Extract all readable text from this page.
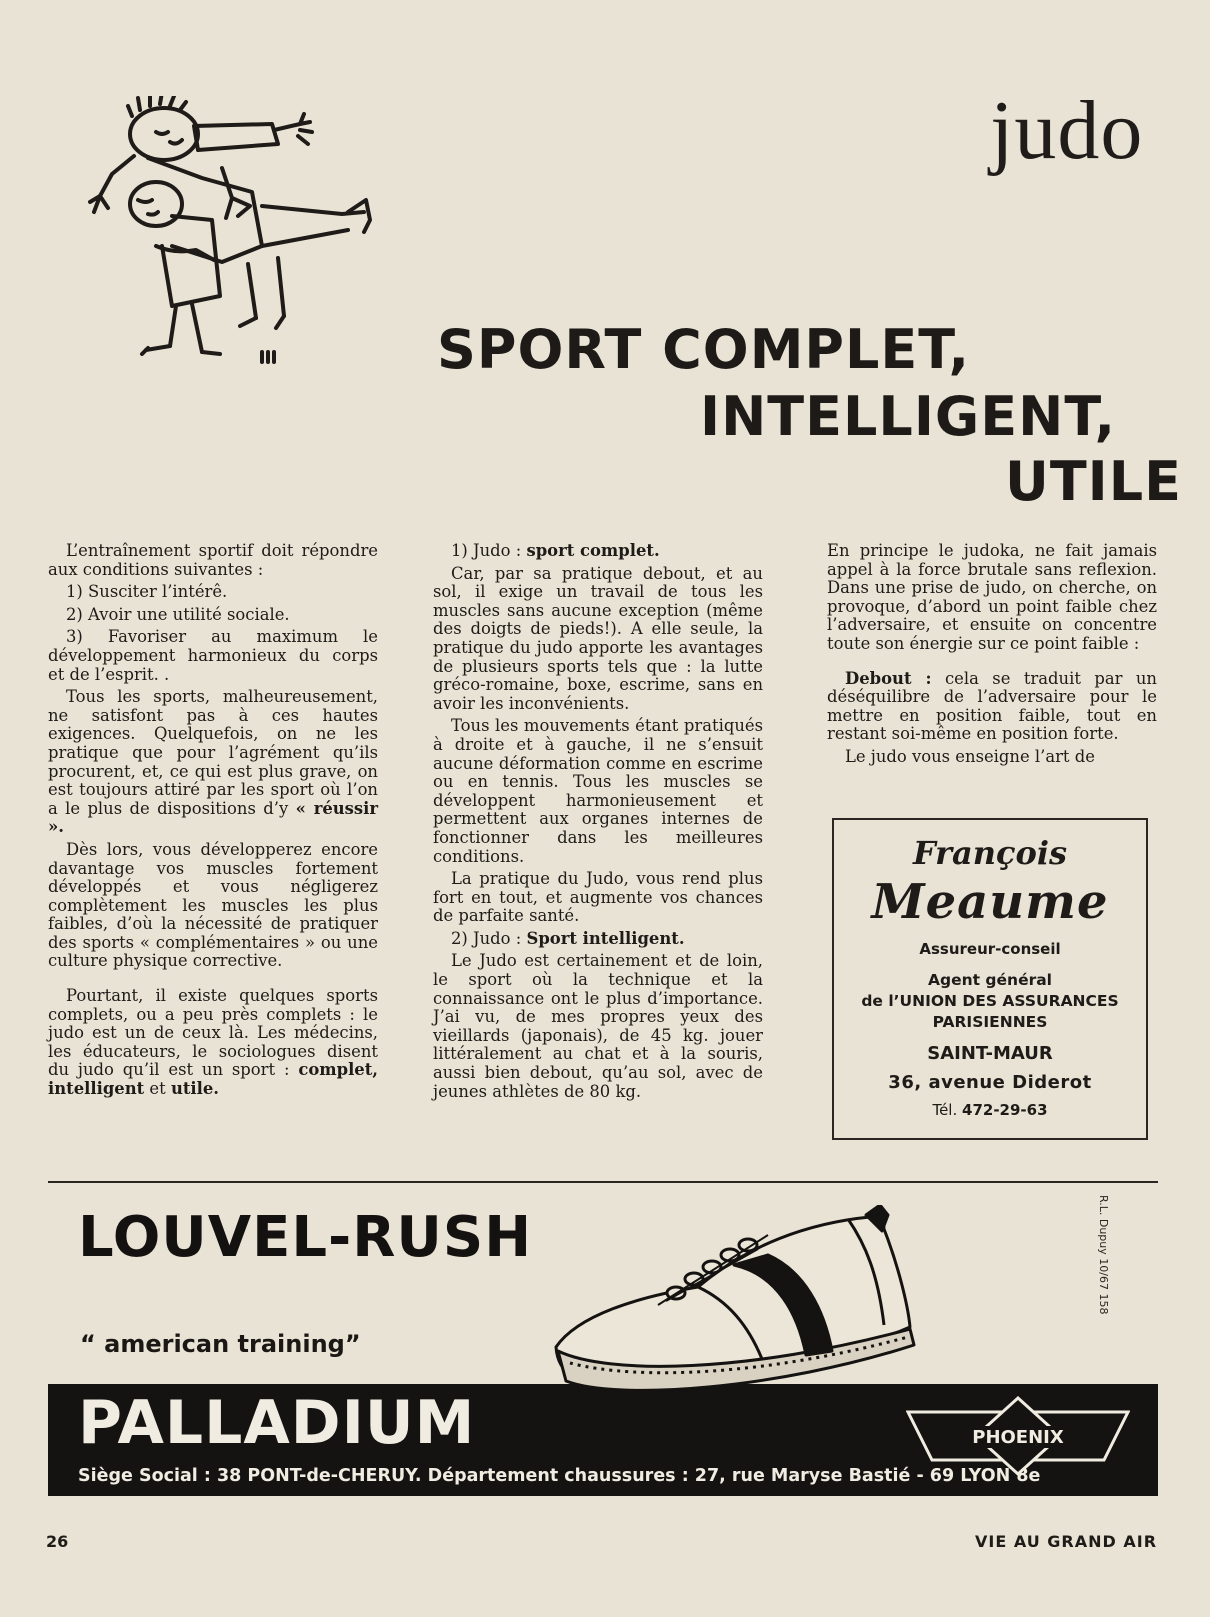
judo
SPORT COMPLET,
INTELLIGENT,
UTILE

L’entraînement sportif doit répondre aux conditions suivantes :

1) Susciter l’intérê.

2) Avoir une utilité sociale.

3) Favoriser au maximum le développement harmonieux du corps et de l’esprit. .

Tous les sports, malheureusement, ne satisfont pas à ces hautes exigences. Quelquefois, on ne les pratique que pour l’agrément qu’ils procurent, et, ce qui est plus grave, on est toujours attiré par les sport où l’on a le plus de dispositions d’y « réussir ».

Dès lors, vous développerez encore davantage vos muscles fortement développés et vous négligerez complètement les muscles les plus faibles, d’où la nécessité de pratiquer des sports « complémentaires » ou une culture physique corrective.

Pourtant, il existe quelques sports complets, ou a peu près complets : le judo est un de ceux là. Les médecins, les éducateurs, le sociologues disent du judo qu’il est un sport : complet, intelligent et utile.

1) Judo : sport complet.

Car, par sa pratique debout, et au sol, il exige un travail de tous les muscles sans aucune exception (même des doigts de pieds!). A elle seule, la pratique du judo apporte les avantages de plusieurs sports tels que : la lutte gréco-romaine, boxe, escrime, sans en avoir les inconvénients.

Tous les mouvements étant pratiqués à droite et à gauche, il ne s’ensuit aucune déformation comme en escrime ou en tennis. Tous les muscles se développent harmonieusement et permettent aux organes internes de fonctionner dans les meilleures conditions.

La pratique du Judo, vous rend plus fort en tout, et augmente vos chances de parfaite santé.

2) Judo : Sport intelligent.

Le Judo est certainement et de loin, le sport où la technique et la connaissance ont le plus d’importance. J’ai vu, de mes propres yeux des vieillards (japonais), de 45 kg. jouer littéralement au chat et à la souris, aussi bien debout, qu’au sol, avec de jeunes athlètes de 80 kg.

En principe le judoka, ne fait jamais appel à la force brutale sans reflexion. Dans une prise de judo, on cherche, on provoque, d’abord un point faible chez l’adversaire, et ensuite on concentre toute son énergie sur ce point faible :

Debout : cela se traduit par un déséquilibre de l’adversaire pour le mettre en position faible, tout en restant soi-même en position forte.

Le judo vous enseigne l’art de

François
Meaume
Assureur-conseil
Agent général
de l’UNION DES ASSURANCES
PARISIENNES
SAINT-MAUR
36, avenue Diderot
Tél. 472-29-63
LOUVEL-RUSH
“ american training”
R.L. Dupuy 10/67 158
PALLADIUM
Siège Social : 38 PONT-de-CHERUY. Département chaussures : 27, rue Maryse Bastié - 69 LYON 8e
PHOENIX
26	VIE AU GRAND AIR
